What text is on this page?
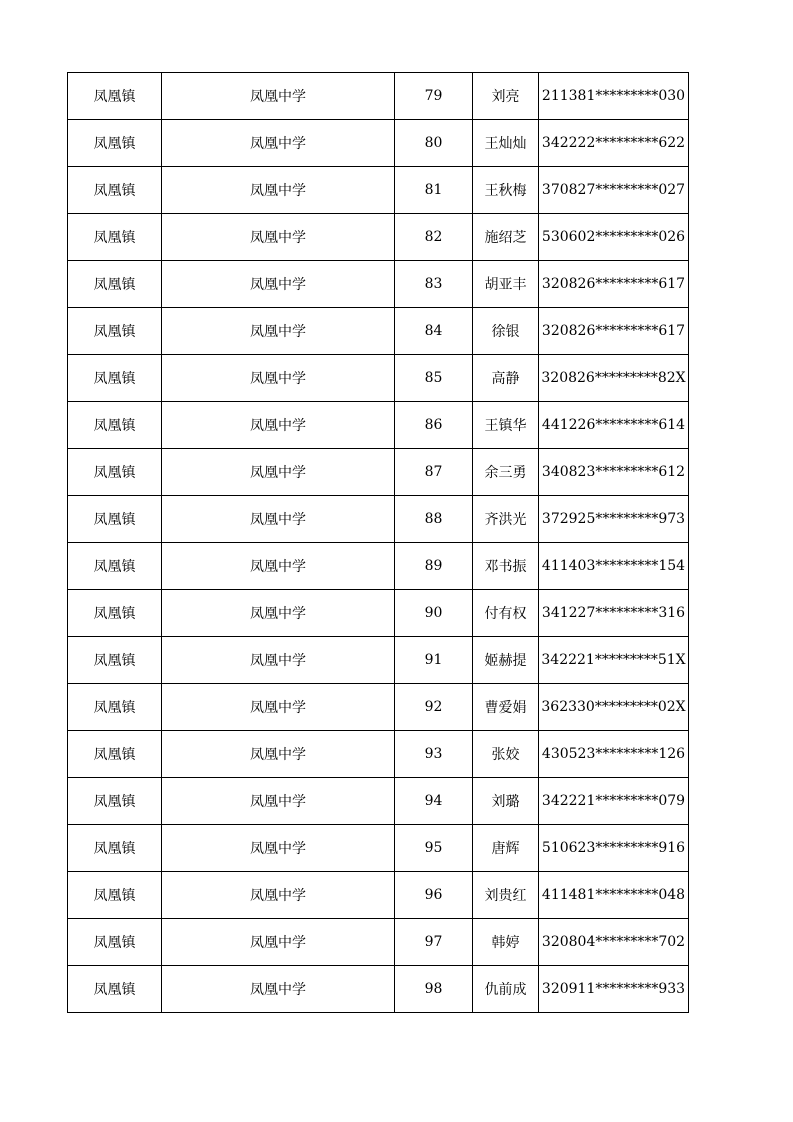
凤凰镇	凤凰中学	79	刘亮	211381*********030
凤凰镇	凤凰中学	80	王灿灿	342222*********622
凤凰镇	凤凰中学	81	王秋梅	370827*********027
凤凰镇	凤凰中学	82	施绍芝	530602*********026
凤凰镇	凤凰中学	83	胡亚丰	320826*********617
凤凰镇	凤凰中学	84	徐银	320826*********617
凤凰镇	凤凰中学	85	高静	320826*********82X
凤凰镇	凤凰中学	86	王镇华	441226*********614
凤凰镇	凤凰中学	87	余三勇	340823*********612
凤凰镇	凤凰中学	88	齐洪光	372925*********973
凤凰镇	凤凰中学	89	邓书振	411403*********154
凤凰镇	凤凰中学	90	付有权	341227*********316
凤凰镇	凤凰中学	91	姬赫提	342221*********51X
凤凰镇	凤凰中学	92	曹爱娟	362330*********02X
凤凰镇	凤凰中学	93	张姣	430523*********126
凤凰镇	凤凰中学	94	刘璐	342221*********079
凤凰镇	凤凰中学	95	唐辉	510623*********916
凤凰镇	凤凰中学	96	刘贵红	411481*********048
凤凰镇	凤凰中学	97	韩婷	320804*********702
凤凰镇	凤凰中学	98	仇前成	320911*********933
